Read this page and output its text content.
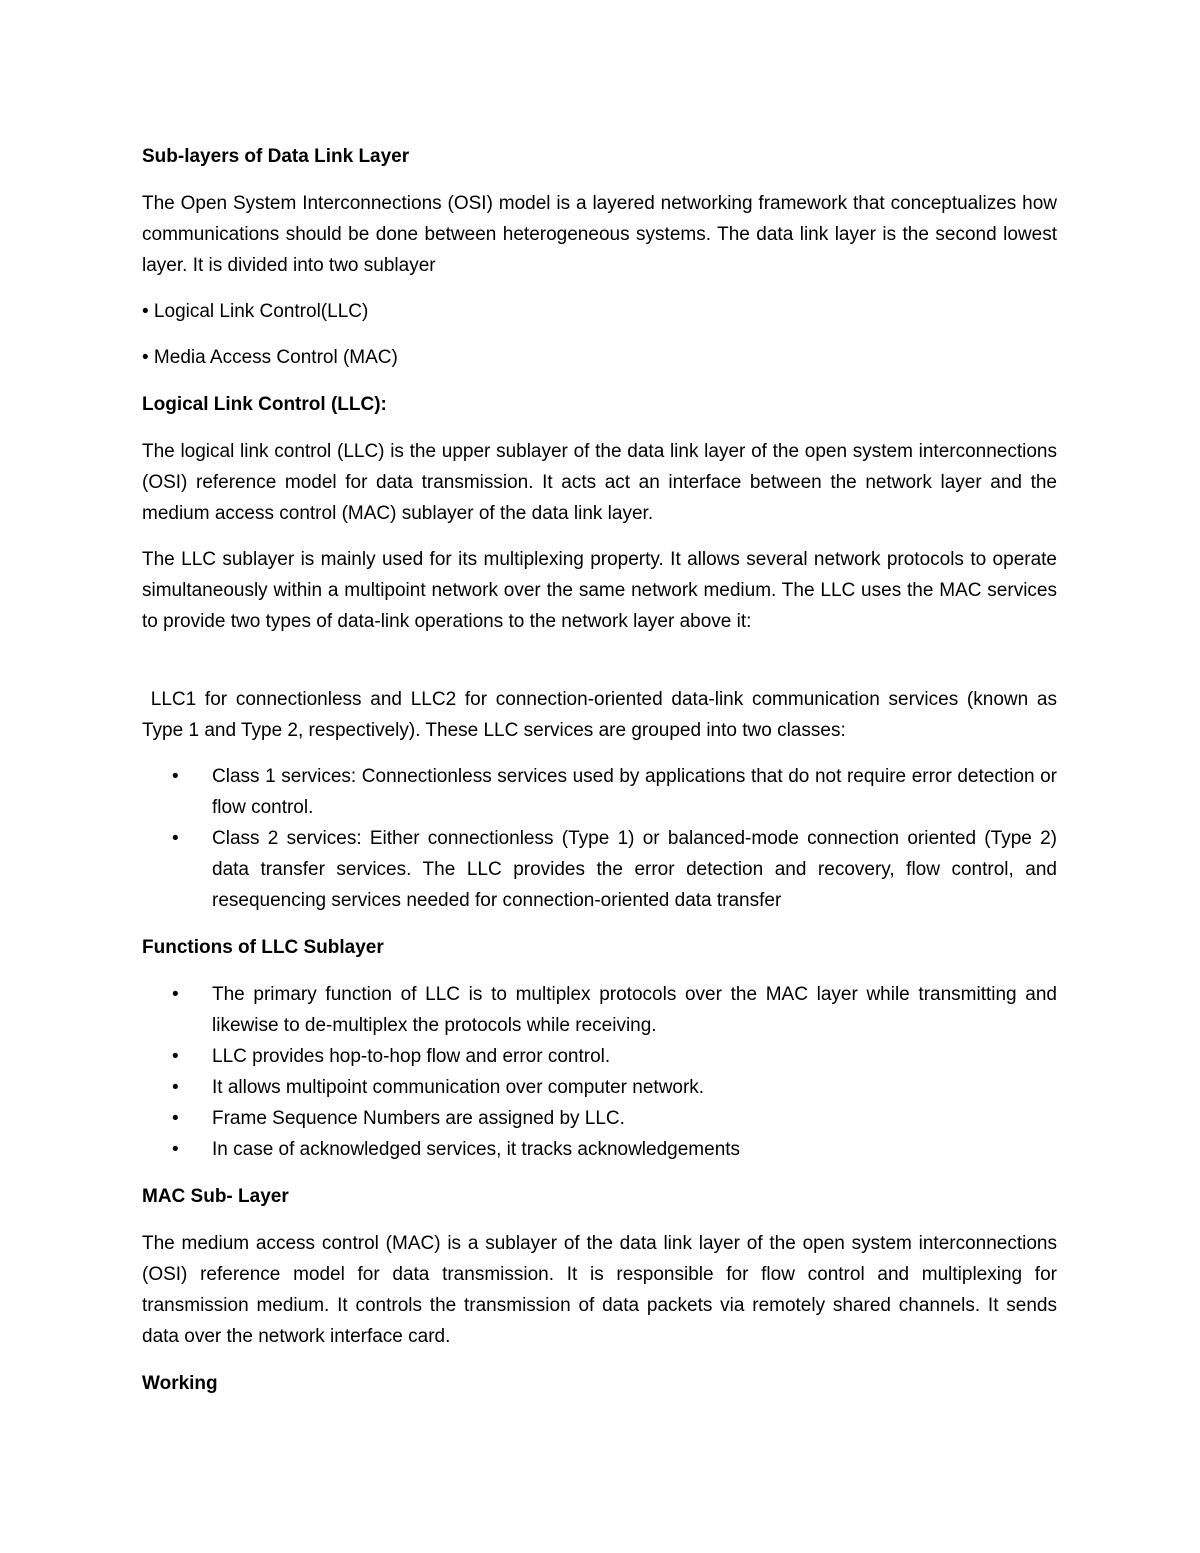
Sub-layers of Data Link Layer
The Open System Interconnections (OSI) model is a layered networking framework that conceptualizes how communications should be done between heterogeneous systems. The data link layer is the second lowest layer. It is divided into two sublayer
• Logical Link Control(LLC)
• Media Access Control (MAC)
Logical Link Control (LLC):
The logical link control (LLC) is the upper sublayer of the data link layer of the open system interconnections (OSI) reference model for data transmission. It acts act an interface between the network layer and the medium access control (MAC) sublayer of the data link layer.
The LLC sublayer is mainly used for its multiplexing property. It allows several network protocols to operate simultaneously within a multipoint network over the same network medium. The LLC uses the MAC services to provide two types of data-link operations to the network layer above it:
LLC1 for connectionless and LLC2 for connection-oriented data-link communication services (known as Type 1 and Type 2, respectively). These LLC services are grouped into two classes:
• Class 1 services: Connectionless services used by applications that do not require error detection or flow control.
• Class 2 services: Either connectionless (Type 1) or balanced-mode connection oriented (Type 2) data transfer services. The LLC provides the error detection and recovery, flow control, and resequencing services needed for connection-oriented data transfer
Functions of LLC Sublayer
• The primary function of LLC is to multiplex protocols over the MAC layer while transmitting and likewise to de-multiplex the protocols while receiving.
• LLC provides hop-to-hop flow and error control.
• It allows multipoint communication over computer network.
• Frame Sequence Numbers are assigned by LLC.
• In case of acknowledged services, it tracks acknowledgements
MAC Sub- Layer
The medium access control (MAC) is a sublayer of the data link layer of the open system interconnections (OSI) reference model for data transmission. It is responsible for flow control and multiplexing for transmission medium. It controls the transmission of data packets via remotely shared channels. It sends data over the network interface card.
Working
